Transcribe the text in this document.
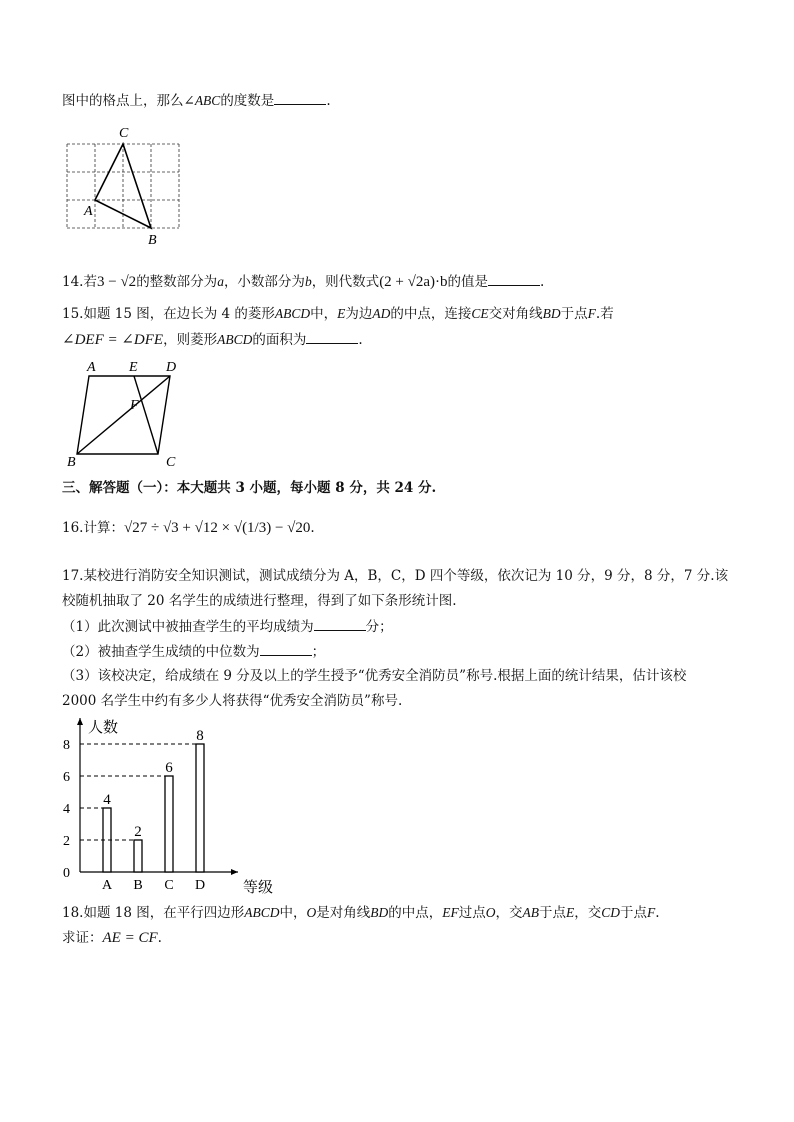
图中的格点上，那么∠ABC的度数是	.
C
A
B
14.若3 − √2的整数部分为a，小数部分为b，则代数式(2 + √2a)·b的值是	.
15.如题 15 图，在边长为 4 的菱形ABCD中，E为边AD的中点，连接CE交对角线BD于点F.若
∠DEF = ∠DFE，则菱形ABCD的面积为	.
A E D
F
B	C
三、解答题（一）：本大题共 3 小题，每小题 8 分，共 24 分.
16.计算：√27 ÷ √3 + √12 × √(1/3) − √20.
17.某校进行消防安全知识测试，测试成绩分为 A，B，C，D 四个等级，依次记为 10 分，9 分，8 分，7 分.该
校随机抽取了 20 名学生的成绩进行整理，得到了如下条形统计图.
（1）此次测试中被抽查学生的平均成绩为	分；
（2）被抽查学生成绩的中位数为	；
（3）该校决定，给成绩在 9 分及以上的学生授予“优秀安全消防员”称号.根据上面的统计结果，估计该校
2000 名学生中约有多少人将获得“优秀安全消防员”称号.
人数
等级
0
2
4
6
8
4
A
2
B
6
C
8
D
18.如题 18 图，在平行四边形ABCD中，O是对角线BD的中点，EF过点O，交AB于点E，交CD于点F.
求证：AE = CF.
